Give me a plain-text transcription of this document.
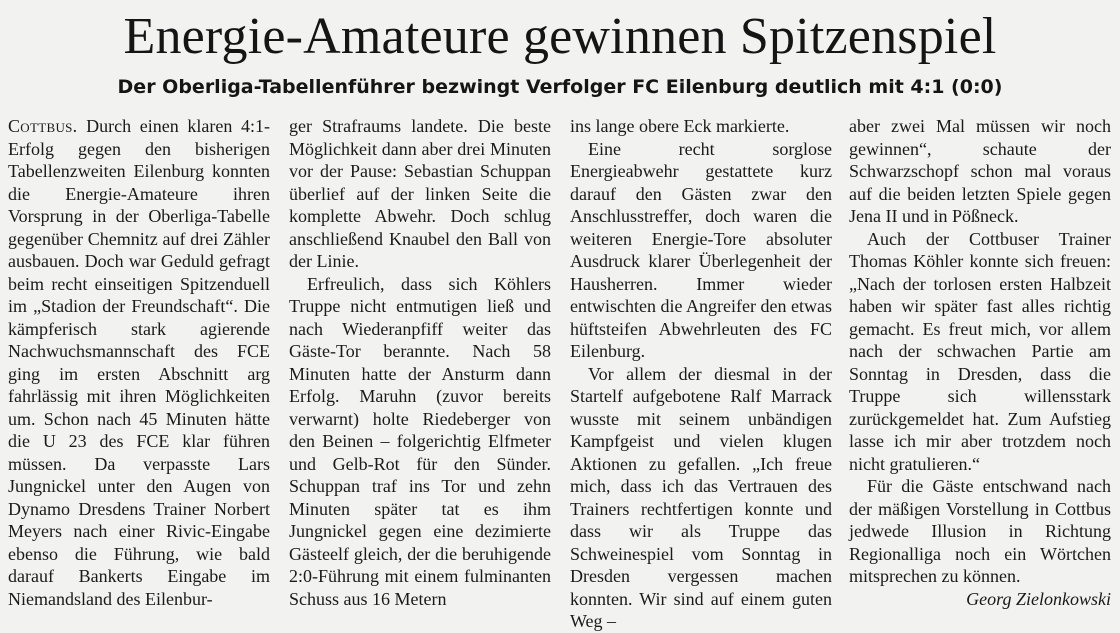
Energie-Amateure gewinnen Spitzenspiel
Der Oberliga-Tabellenführer bezwingt Verfolger FC Eilenburg deutlich mit 4:1 (0:0)

Cottbus. Durch einen klaren 4:1-Erfolg gegen den bisherigen Tabellenzweiten Eilenburg konnten die Energie-Amateure ihren Vorsprung in der Oberliga-Tabelle gegenüber Chemnitz auf drei Zähler ausbauen. Doch war Geduld gefragt beim recht einseitigen Spitzenduell im „Stadion der Freundschaft“. Die kämpferisch stark agierende Nachwuchsmannschaft des FCE ging im ersten Abschnitt arg fahrlässig mit ihren Möglichkeiten um. Schon nach 45 Minuten hätte die U 23 des FCE klar führen müssen. Da verpasste Lars Jungnickel unter den Augen von Dynamo Dresdens Trainer Norbert Meyers nach einer Rivic-Eingabe ebenso die Führung, wie bald darauf Bankerts Eingabe im Niemandsland des Eilenbur-

ger Strafraums landete. Die beste Möglichkeit dann aber drei Minuten vor der Pause: Sebastian Schuppan überlief auf der linken Seite die komplette Abwehr. Doch schlug anschließend Knaubel den Ball von der Linie.

Erfreulich, dass sich Köhlers Truppe nicht entmutigen ließ und nach Wiederanpfiff weiter das Gäste-Tor berannte. Nach 58 Minuten hatte der Ansturm dann Erfolg. Maruhn (zuvor bereits verwarnt) holte Riedeberger von den Beinen – folgerichtig Elfmeter und Gelb-Rot für den Sünder. Schuppan traf ins Tor und zehn Minuten später tat es ihm Jungnickel gegen eine dezimierte Gästeelf gleich, der die beruhigende 2:0-Führung mit einem fulminanten Schuss aus 16 Metern

ins lange obere Eck markierte.

Eine recht sorglose Energieabwehr gestattete kurz darauf den Gästen zwar den Anschlusstreffer, doch waren die weiteren Energie-Tore absoluter Ausdruck klarer Überlegenheit der Hausherren. Immer wieder entwischten die Angreifer den etwas hüftsteifen Abwehrleuten des FC Eilenburg.

Vor allem der diesmal in der Startelf aufgebotene Ralf Marrack wusste mit seinem unbändigen Kampfgeist und vielen klugen Aktionen zu gefallen. „Ich freue mich, dass ich das Vertrauen des Trainers rechtfertigen konnte und dass wir als Truppe das Schweinespiel vom Sonntag in Dresden vergessen machen konnten. Wir sind auf einem guten Weg –

aber zwei Mal müssen wir noch gewinnen“, schaute der Schwarzschopf schon mal voraus auf die beiden letzten Spiele gegen Jena II und in Pößneck.

Auch der Cottbuser Trainer Thomas Köhler konnte sich freuen: „Nach der torlosen ersten Halbzeit haben wir später fast alles richtig gemacht. Es freut mich, vor allem nach der schwachen Partie am Sonntag in Dresden, dass die Truppe sich willensstark zurückgemeldet hat. Zum Aufstieg lasse ich mir aber trotzdem noch nicht gratulieren.“

Für die Gäste entschwand nach der mäßigen Vorstellung in Cottbus jedwede Illusion in Richtung Regionalliga noch ein Wörtchen mitsprechen zu können.
Georg Zielonkowski
